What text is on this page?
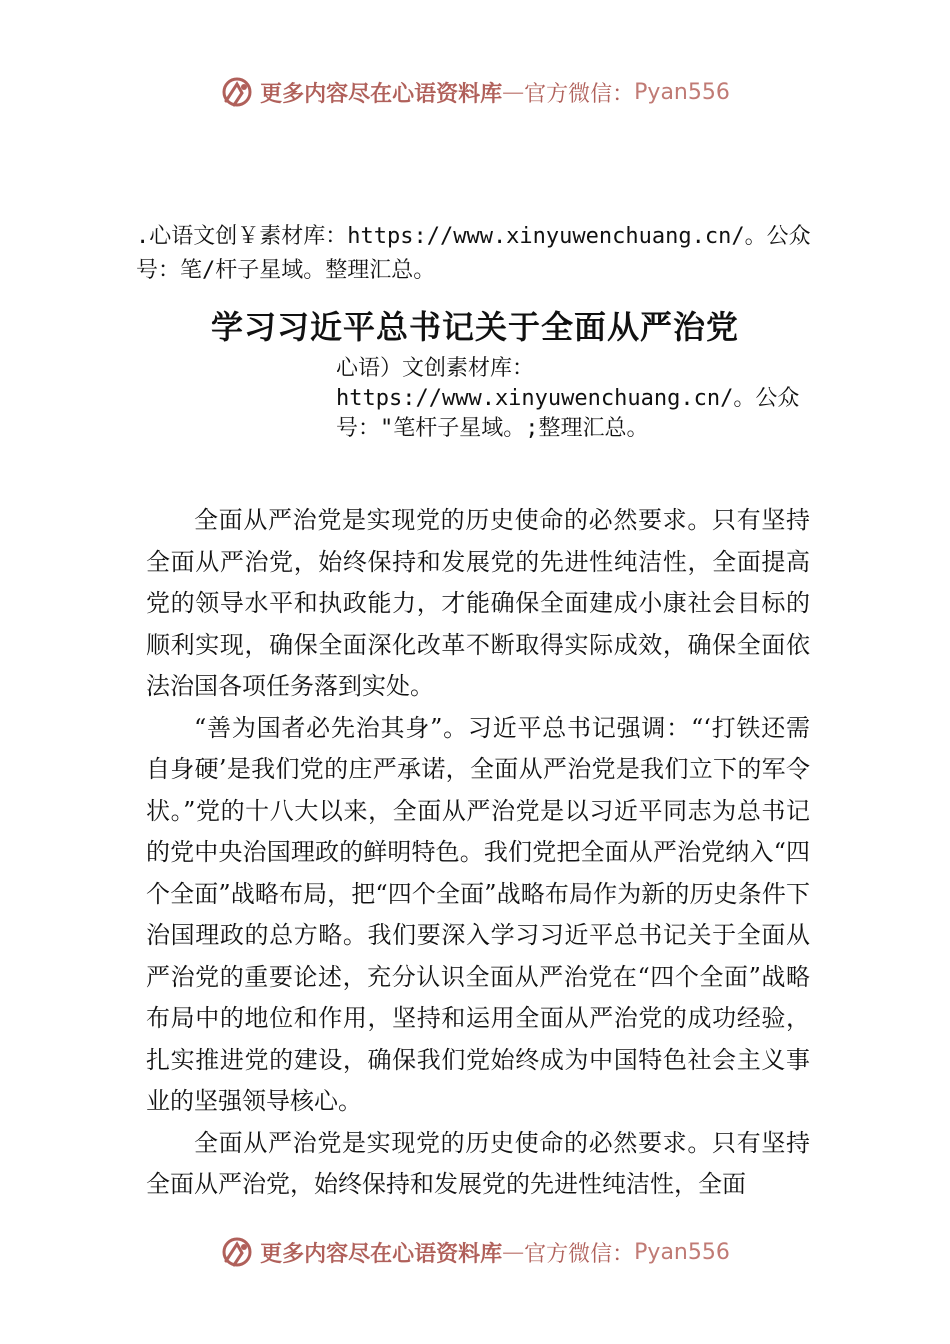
更多内容尽在心语资料库 — 官方微信： Pyan556
.心语文创￥素材库：https://www.xinyuwenchuang.cn/。公众号：笔/杆子星域。整理汇总。
学习习近平总书记关于全面从严治党
心语）文创素材库：https://www.xinyuwenchuang.cn/。公众号："笔杆子星域。;整理汇总。

全面从严治党是实现党的历史使命的必然要求。只有坚持全面从严治党，始终保持和发展党的先进性纯洁性，全面提高党的领导水平和执政能力，才能确保全面建成小康社会目标的顺利实现，确保全面深化改革不断取得实际成效，确保全面依法治国各项任务落到实处。

“善为国者必先治其身”。习近平总书记强调：“‘打铁还需自身硬’是我们党的庄严承诺，全面从严治党是我们立下的军令状。”党的十八大以来，全面从严治党是以习近平同志为总书记的党中央治国理政的鲜明特色。我们党把全面从严治党纳入“四个全面”战略布局，把“四个全面”战略布局作为新的历史条件下治国理政的总方略。我们要深入学习习近平总书记关于全面从严治党的重要论述，充分认识全面从严治党在“四个全面”战略布局中的地位和作用，坚持和运用全面从严治党的成功经验，扎实推进党的建设，确保我们党始终成为中国特色社会主义事业的坚强领导核心。

全面从严治党是实现党的历史使命的必然要求。只有坚持全面从严治党，始终保持和发展党的先进性纯洁性，全面

更多内容尽在心语资料库 — 官方微信： Pyan556
